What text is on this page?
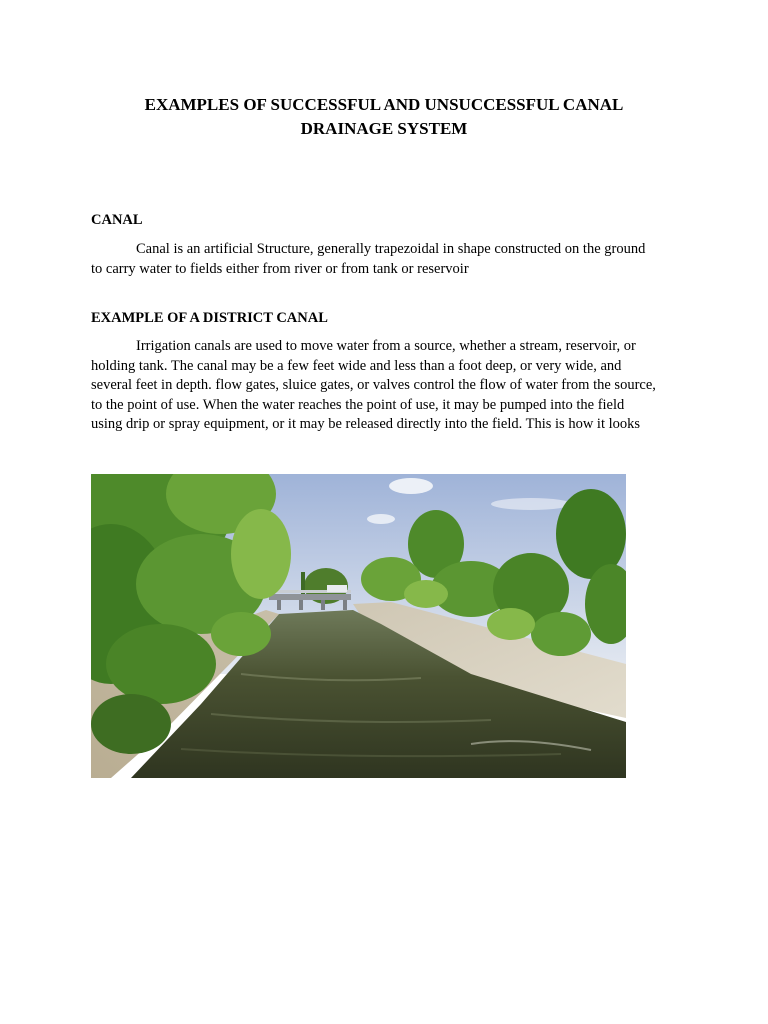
EXAMPLES OF SUCCESSFUL AND UNSUCCESSFUL CANAL
DRAINAGE SYSTEM
CANAL

Canal is an artificial Structure, generally trapezoidal in shape constructed on the ground
to carry water to fields either from river or from tank or reservoir

EXAMPLE OF A DISTRICT CANAL

Irrigation canals are used to move water from a source, whether a stream, reservoir, or
holding tank. The canal may be a few feet wide and less than a foot deep, or very wide, and
several feet in depth. flow gates, sluice gates, or valves control the flow of water from the source,
to the point of use. When the water reaches the point of use, it may be pumped into the field
using drip or spray equipment, or it may be released directly into the field. This is how it looks
